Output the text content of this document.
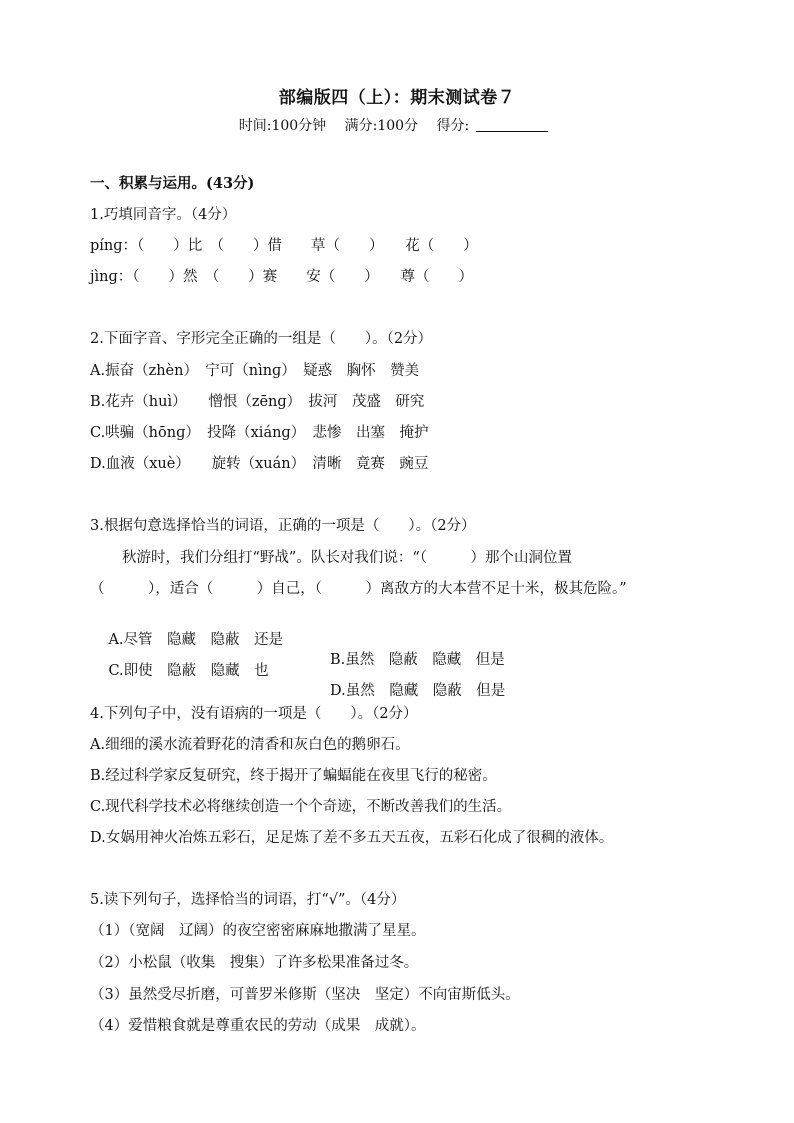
部编版四（上）：期末测试卷７
时间:100分钟 满分:100分 得分:
一、积累与运用。(43分)
1.巧填同音字。（4分）
pínɡ：（　　）比　（　　）借　　草（　　）　　花（　　）
jìnɡ：（　　）然　（　　）赛　　安（　　）　　尊（　　）
2.下面字音、字形完全正确的一组是（　　）。（2分）
A.振奋（zhèn）　宁可（nìnɡ）　疑惑　胸怀　赞美
B.花卉（huì）　　憎恨（zēnɡ）　拔河　茂盛　研究
C.哄骗（hōnɡ）　投降（xiánɡ）　悲惨　出塞　掩护
D.血液（xuè）　　旋转（xuán）　清晰　竟赛　豌豆
3.根据句意选择恰当的词语，正确的一项是（　　）。（2分）
秋游时，我们分组打“野战”。队长对我们说：“（　　　）那个山洞位置
（　　　），适合（　　　）自己，（　　　）离敌方的大本营不足十米，极其危险。”

A.尽管　隐藏　隐蔽　还是

B.虽然　隐蔽　隐藏　但是

C.即使　隐蔽　隐藏　也

D.虽然　隐藏　隐蔽　但是

4.下列句子中，没有语病的一项是（　　）。（2分）
A.细细的溪水流着野花的清香和灰白色的鹅卵石。
B.经过科学家反复研究，终于揭开了蝙蝠能在夜里飞行的秘密。
C.现代科学技术必将继续创造一个个奇迹，不断改善我们的生活。
D.女娲用神火冶炼五彩石，足足炼了差不多五天五夜，五彩石化成了很稠的液体。
5.读下列句子，选择恰当的词语，打“√”。（4分）
（1）（宽阔　辽阔）的夜空密密麻麻地撒满了星星。
（2）小松鼠（收集　搜集）了许多松果准备过冬。
（3）虽然受尽折磨，可普罗米修斯（坚决　坚定）不向宙斯低头。
（4）爱惜粮食就是尊重农民的劳动（成果　成就）。
